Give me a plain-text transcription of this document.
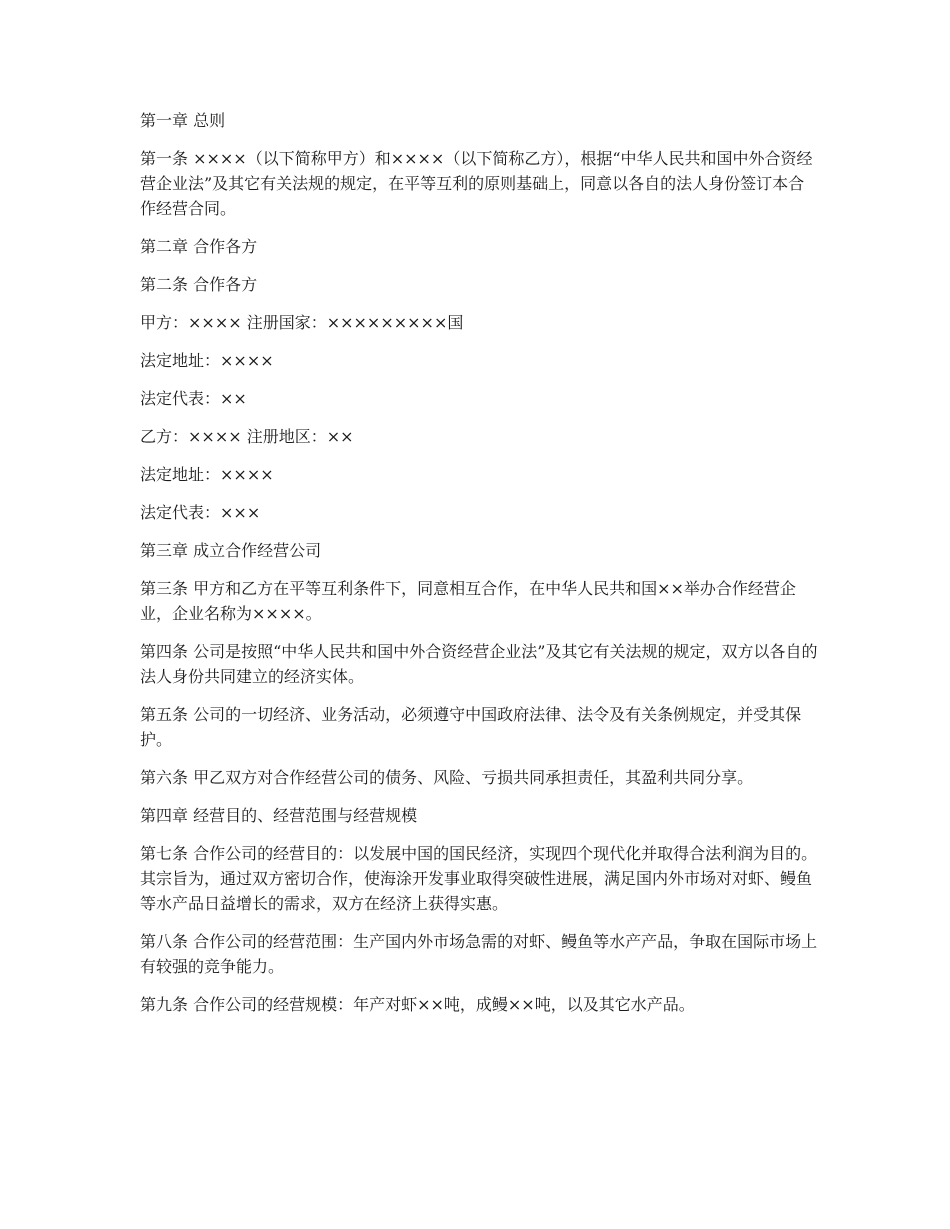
第一章 总则

第一条 ××××（以下简称甲方）和××××（以下简称乙方），根据“中华人民共和国中外合资经营企业法”及其它有关法规的规定，在平等互利的原则基础上，同意以各自的法人身份签订本合作经营合同。

第二章 合作各方

第二条 合作各方

甲方：×××× 注册国家：×××××××××国

法定地址：××××

法定代表：××

乙方：×××× 注册地区：××

法定地址：××××

法定代表：×××

第三章 成立合作经营公司

第三条 甲方和乙方在平等互利条件下，同意相互合作，在中华人民共和国××举办合作经营企业，企业名称为××××。

第四条 公司是按照“中华人民共和国中外合资经营企业法”及其它有关法规的规定，双方以各自的法人身份共同建立的经济实体。

第五条 公司的一切经济、业务活动，必须遵守中国政府法律、法令及有关条例规定，并受其保护。

第六条 甲乙双方对合作经营公司的债务、风险、亏损共同承担责任，其盈利共同分享。

第四章 经营目的、经营范围与经营规模

第七条 合作公司的经营目的：以发展中国的国民经济，实现四个现代化并取得合法利润为目的。其宗旨为，通过双方密切合作，使海涂开发事业取得突破性进展，满足国内外市场对对虾、鳗鱼等水产品日益增长的需求，双方在经济上获得实惠。

第八条 合作公司的经营范围：生产国内外市场急需的对虾、鳗鱼等水产产品，争取在国际市场上有较强的竞争能力。

第九条 合作公司的经营规模：年产对虾××吨，成鳗××吨，以及其它水产品。
